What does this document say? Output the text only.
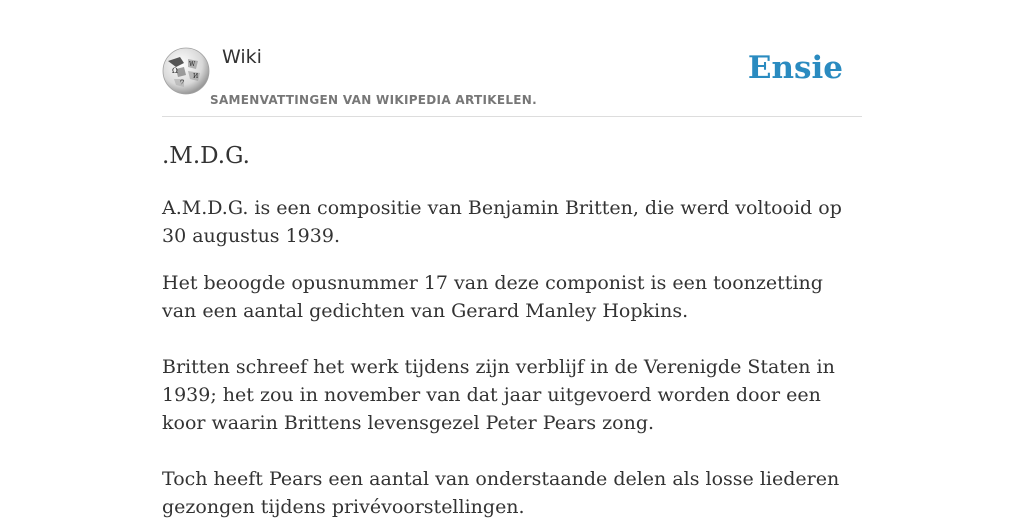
Ω
W
И
ウ
Wiki
SAMENVATTINGEN VAN WIKIPEDIA ARTIKELEN.
Ensie
.M.D.G.

A.M.D.G. is een compositie van Benjamin Britten, die werd voltooid op 30 augustus 1939.

Het beoogde opusnummer 17 van deze componist is een toonzetting van een aantal gedichten van Gerard Manley Hopkins.

Britten schreef het werk tijdens zijn verblijf in de Verenigde Staten in 1939; het zou in november van dat jaar uitgevoerd worden door een koor waarin Brittens levensgezel Peter Pears zong.

Toch heeft Pears een aantal van onderstaande delen als losse liederen gezongen tijdens privévoorstellingen.
